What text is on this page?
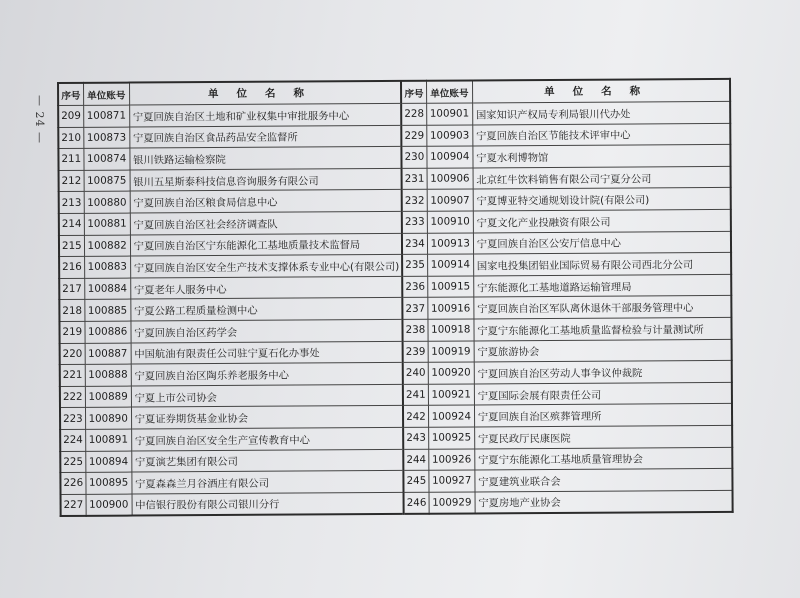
— 24 — 序号	单位账号	单位名称	序号	单位账号	单位名称
209	100871	宁夏回族自治区土地和矿业权集中审批服务中心	228	100901	国家知识产权局专利局银川代办处
210	100873	宁夏回族自治区食品药品安全监督所	229	100903	宁夏回族自治区节能技术评审中心
211	100874	银川铁路运输检察院	230	100904	宁夏水利博物馆
212	100875	银川五星斯泰科技信息咨询服务有限公司	231	100906	北京红牛饮料销售有限公司宁夏分公司
213	100880	宁夏回族自治区粮食局信息中心	232	100907	宁夏博亚特交通规划设计院(有限公司)
214	100881	宁夏回族自治区社会经济调查队	233	100910	宁夏文化产业投融资有限公司
215	100882	宁夏回族自治区宁东能源化工基地质量技术监督局	234	100913	宁夏回族自治区公安厅信息中心
216	100883	宁夏回族自治区安全生产技术支撑体系专业中心(有限公司)	235	100914	国家电投集团铝业国际贸易有限公司西北分公司
217	100884	宁夏老年人服务中心	236	100915	宁东能源化工基地道路运输管理局
218	100885	宁夏公路工程质量检测中心	237	100916	宁夏回族自治区军队离休退休干部服务管理中心
219	100886	宁夏回族自治区药学会	238	100918	宁夏宁东能源化工基地质量监督检验与计量测试所
220	100887	中国航油有限责任公司驻宁夏石化办事处	239	100919	宁夏旅游协会
221	100888	宁夏回族自治区陶乐养老服务中心	240	100920	宁夏回族自治区劳动人事争议仲裁院
222	100889	宁夏上市公司协会	241	100921	宁夏国际会展有限责任公司
223	100890	宁夏证券期货基金业协会	242	100924	宁夏回族自治区殡葬管理所
224	100891	宁夏回族自治区安全生产宣传教育中心	243	100925	宁夏民政厅民康医院
225	100894	宁夏演艺集团有限公司	244	100926	宁夏宁东能源化工基地质量管理协会
226	100895	宁夏森森兰月谷酒庄有限公司	245	100927	宁夏建筑业联合会
227	100900	中信银行股份有限公司银川分行	246	100929	宁夏房地产业协会
